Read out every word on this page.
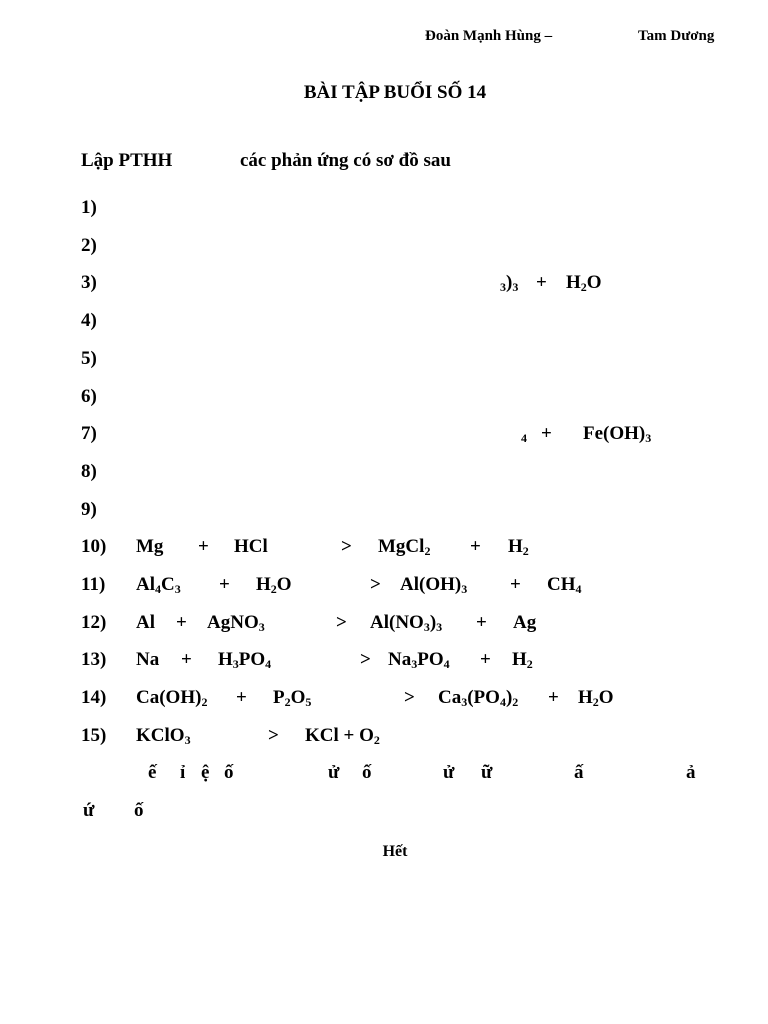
Đoàn Mạnh Hùng –	Tam Dương
BÀI TẬP BUỔI SỐ 14
Lập PTHH	các phản ứng có sơ đồ sau
1)
2)
3)	$_3)_3 + H_2O$
4)
5)
6)
7)	$_4 + Fe(OH)_3$
8)
9)
10) Mg + HCl	> MgCl$_2$ + $H_2$
11) $Al_4C_3 + H_2O$	> $Al(OH)_3 + CH_4$
12) Al + AgNO$_3$	> $Al(NO_3)_3 + Ag$
13) $Na + H_3PO_4$	> $Na_3PO_4 + H_2$
14) $Ca(OH)_2 + P_2O_5$	> $Ca_3(PO_4)_2 + H_2O$
15) KClO$_3$	> KCl + $O_2$
ế ỉ ệ ố	ử ố	ử ữ	ấ	ả
ứ ố
Hết
